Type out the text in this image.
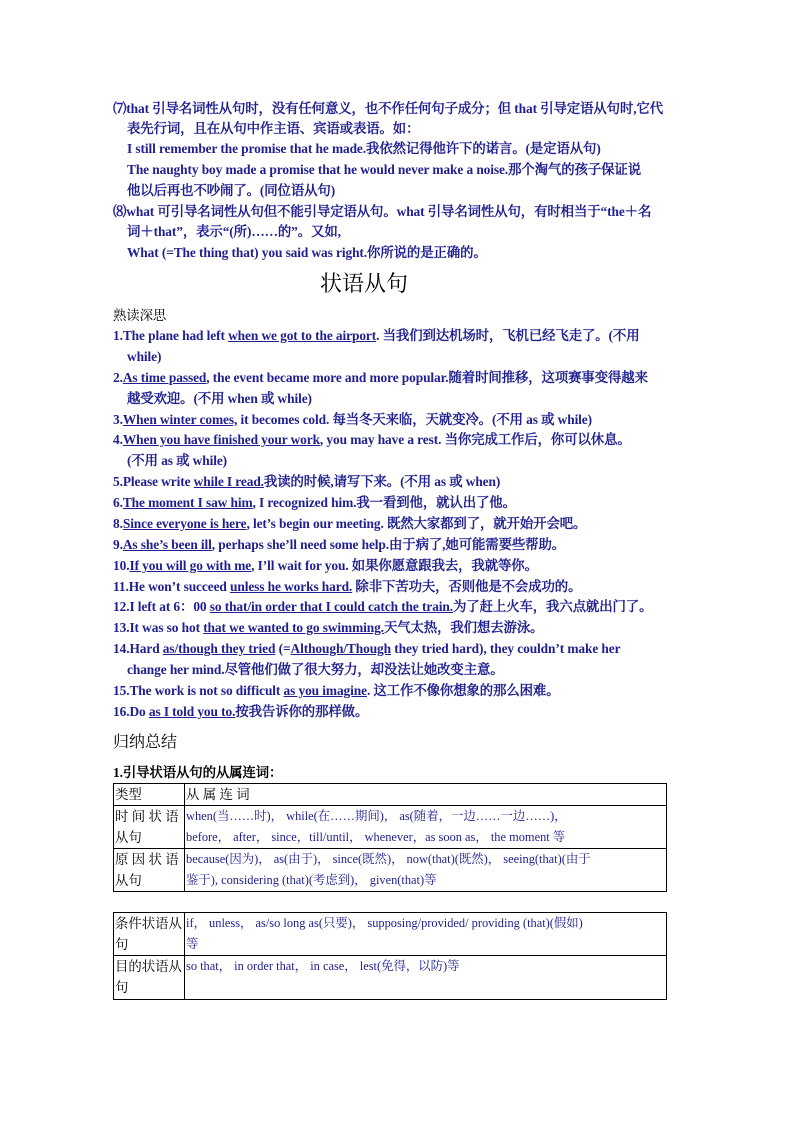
⑺that 引导名词性从句时，没有任何意义，也不作任何句子成分；但 that 引导定语从句时,它代
表先行词，且在从句中作主语、宾语或表语。如：
I still remember the promise that he made.我依然记得他许下的诺言。(是定语从句)
The naughty boy made a promise that he would never make a noise.那个淘气的孩子保证说
他以后再也不吵闹了。(同位语从句)
⑻what 可引导名词性从句但不能引导定语从句。what 引导名词性从句，有时相当于“the＋名
词＋that”，表示“(所)……的”。又如,
What (=The thing that) you said was right.你所说的是正确的。
状语从句
熟读深思
1.The plane had left when we got to the airport. 当我们到达机场时，飞机已经飞走了。(不用
while)
2.As time passed, the event became more and more popular.随着时间推移，这项赛事变得越来
越受欢迎。(不用 when 或 while)
3.When winter comes, it becomes cold. 每当冬天来临，天就变冷。(不用 as 或 while)
4.When you have finished your work, you may have a rest. 当你完成工作后，你可以休息。
(不用 as 或 while)
5.Please write while I read.我读的时候,请写下来。(不用 as 或 when)
6.The moment I saw him, I recognized him.我一看到他，就认出了他。
8.Since everyone is here, let’s begin our meeting. 既然大家都到了，就开始开会吧。
9.As she’s been ill, perhaps she’ll need some help.由于病了,她可能需要些帮助。
10.If you will go with me, I’ll wait for you. 如果你愿意跟我去，我就等你。
11.He won’t succeed unless he works hard. 除非下苦功夫，否则他是不会成功的。
12.I left at 6：00 so that/in order that I could catch the train.为了赶上火车，我六点就出门了。
13.It was so hot that we wanted to go swimming.天气太热，我们想去游泳。
14.Hard as/though they tried (=Although/Though they tried hard), they couldn’t make her
change her mind.尽管他们做了很大努力，却没法让她改变主意。
15.The work is not so difficult as you imagine. 这工作不像你想象的那么困难。
16.Do as I told you to.按我告诉你的那样做。
归纳总结
1.引导状语从句的从属连词：
类型	从 属 连 词
时 间 状 语从句	when(当……时)， while(在……期间)， as(随着，一边……一边……)，
before， after， since，till/until， whenever，as soon as， the moment 等

原 因 状 语从句	because(因为)， as(由于)， since(既然)， now(that)(既然)， seeing(that)(由于
鉴于), considering (that)(考虑到)， given(that)等
条件状语从句	if， unless， as/so long as(只要)， supposing/provided/ providing (that)(假如)
等

目的状语从句	so that， in order that， in case， lest(免得，以防)等
